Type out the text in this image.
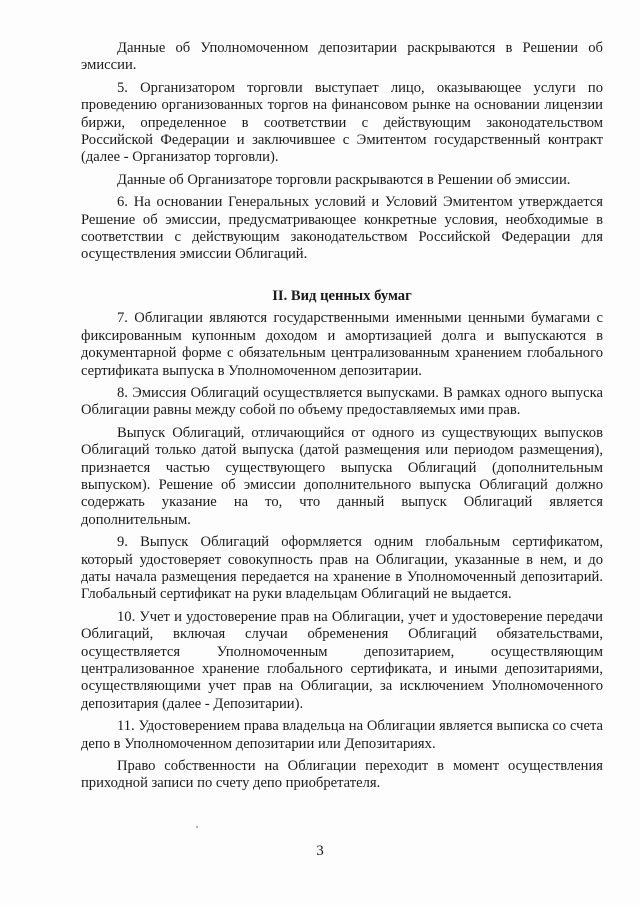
Данные об Уполномоченном депозитарии раскрываются в Решении об эмиссии.

5. Организатором торговли выступает лицо, оказывающее услуги по проведению организованных торгов на финансовом рынке на основании лицензии биржи, определенное в соответствии с действующим законодательством Российской Федерации и заключившее с Эмитентом государственный контракт (далее - Организатор торговли).

Данные об Организаторе торговли раскрываются в Решении об эмиссии.

6. На основании Генеральных условий и Условий Эмитентом утверждается Решение об эмиссии, предусматривающее конкретные условия, необходимые в соответствии с действующим законодательством Российской Федерации для осуществления эмиссии Облигаций.

II. Вид ценных бумаг

7. Облигации являются государственными именными ценными бумагами с фиксированным купонным доходом и амортизацией долга и выпускаются в документарной форме с обязательным централизованным хранением глобального сертификата выпуска в Уполномоченном депозитарии.

8. Эмиссия Облигаций осуществляется выпусками. В рамках одного выпуска Облигации равны между собой по объему предоставляемых ими прав.

Выпуск Облигаций, отличающийся от одного из существующих выпусков Облигаций только датой выпуска (датой размещения или периодом размещения), признается частью существующего выпуска Облигаций (дополнительным выпуском). Решение об эмиссии дополнительного выпуска Облигаций должно содержать указание на то, что данный выпуск Облигаций является дополнительным.

9. Выпуск Облигаций оформляется одним глобальным сертификатом, который удостоверяет совокупность прав на Облигации, указанные в нем, и до даты начала размещения передается на хранение в Уполномоченный депозитарий. Глобальный сертификат на руки владельцам Облигаций не выдается.

10. Учет и удостоверение прав на Облигации, учет и удостоверение передачи Облигаций, включая случаи обременения Облигаций обязательствами, осуществляется Уполномоченным депозитарием, осуществляющим централизованное хранение глобального сертификата, и иными депозитариями, осуществляющими учет прав на Облигации, за исключением Уполномоченного депозитария (далее - Депозитарии).

11. Удостоверением права владельца на Облигации является выписка со счета депо в Уполномоченном депозитарии или Депозитариях.

Право собственности на Облигации переходит в момент осуществления приходной записи по счету депо приобретателя.

3
